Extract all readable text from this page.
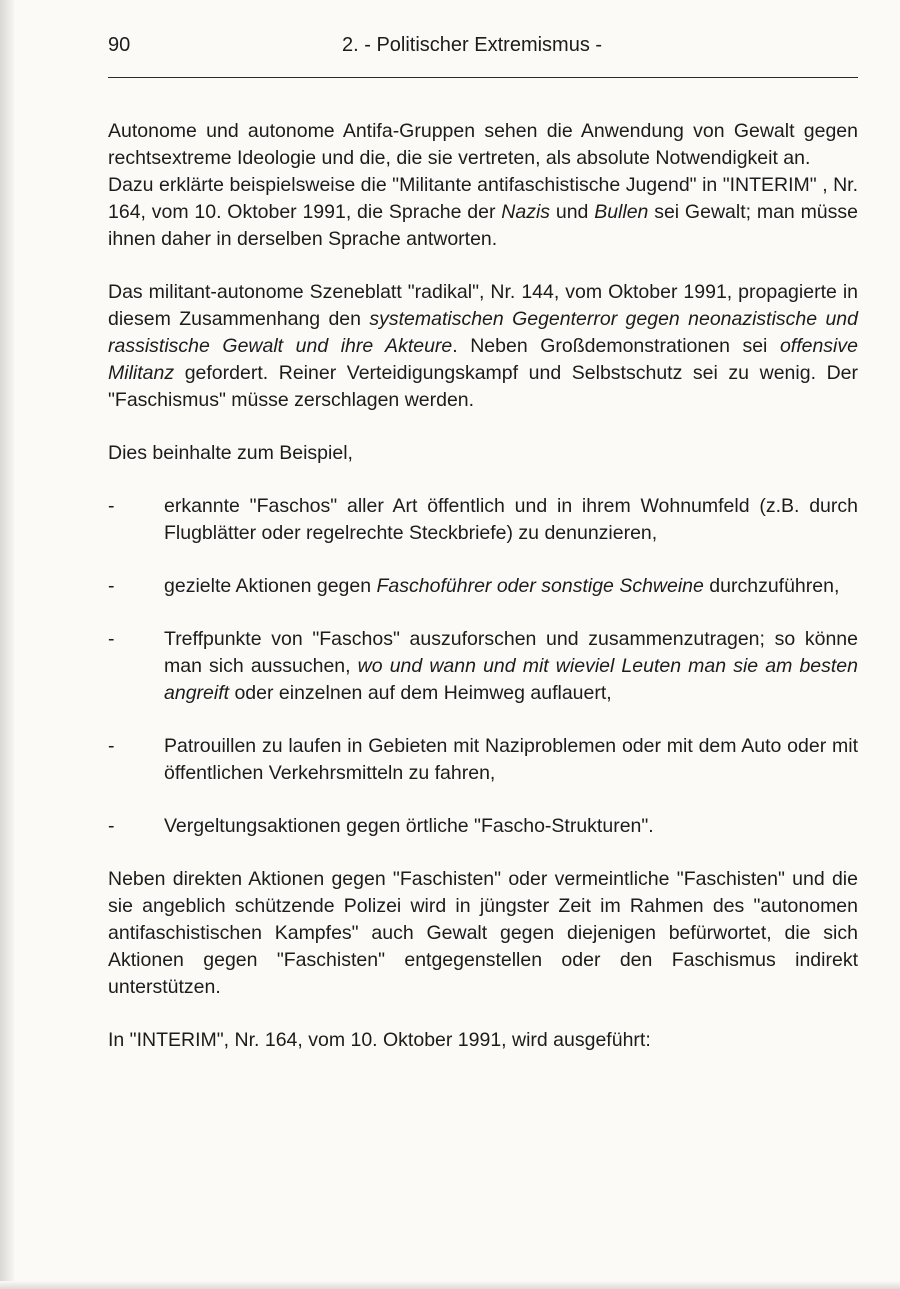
90	2. - Politischer Extremismus -

Autonome und autonome Antifa-Gruppen sehen die Anwendung von Gewalt gegen rechtsextreme Ideologie und die, die sie vertreten, als absolute Notwendigkeit an.

Dazu erklärte beispielsweise die "Militante antifaschistische Jugend" in "INTERIM" , Nr. 164, vom 10. Oktober 1991, die Sprache der Nazis und Bullen sei Gewalt; man müsse ihnen daher in derselben Sprache antworten.

Das militant-autonome Szeneblatt "radikal", Nr. 144, vom Oktober 1991, propagierte in diesem Zusammenhang den systematischen Gegenterror gegen neonazistische und rassistische Gewalt und ihre Akteure. Neben Großdemonstrationen sei offensive Militanz gefordert. Reiner Verteidigungskampf und Selbstschutz sei zu wenig. Der "Faschismus" müsse zerschlagen werden.

Dies beinhalte zum Beispiel,

-	erkannte "Faschos" aller Art öffentlich und in ihrem Wohnumfeld (z.B. durch Flugblätter oder regelrechte Steckbriefe) zu denunzieren,
-	gezielte Aktionen gegen Faschoführer oder sonstige Schweine durchzuführen,
-	Treffpunkte von "Faschos" auszuforschen und zusammenzutragen; so könne man sich aussuchen, wo und wann und mit wieviel Leuten man sie am besten angreift oder einzelnen auf dem Heimweg auflauert,
-	Patrouillen zu laufen in Gebieten mit Naziproblemen oder mit dem Auto oder mit öffentlichen Verkehrsmitteln zu fahren,
-	Vergeltungsaktionen gegen örtliche "Fascho-Strukturen".

Neben direkten Aktionen gegen "Faschisten" oder vermeintliche "Faschisten" und die sie angeblich schützende Polizei wird in jüngster Zeit im Rahmen des "autonomen antifaschistischen Kampfes" auch Gewalt gegen diejenigen befürwortet, die sich Aktionen gegen "Faschisten" entgegenstellen oder den Faschismus indirekt unterstützen.

In "INTERIM", Nr. 164, vom 10. Oktober 1991, wird ausgeführt:
